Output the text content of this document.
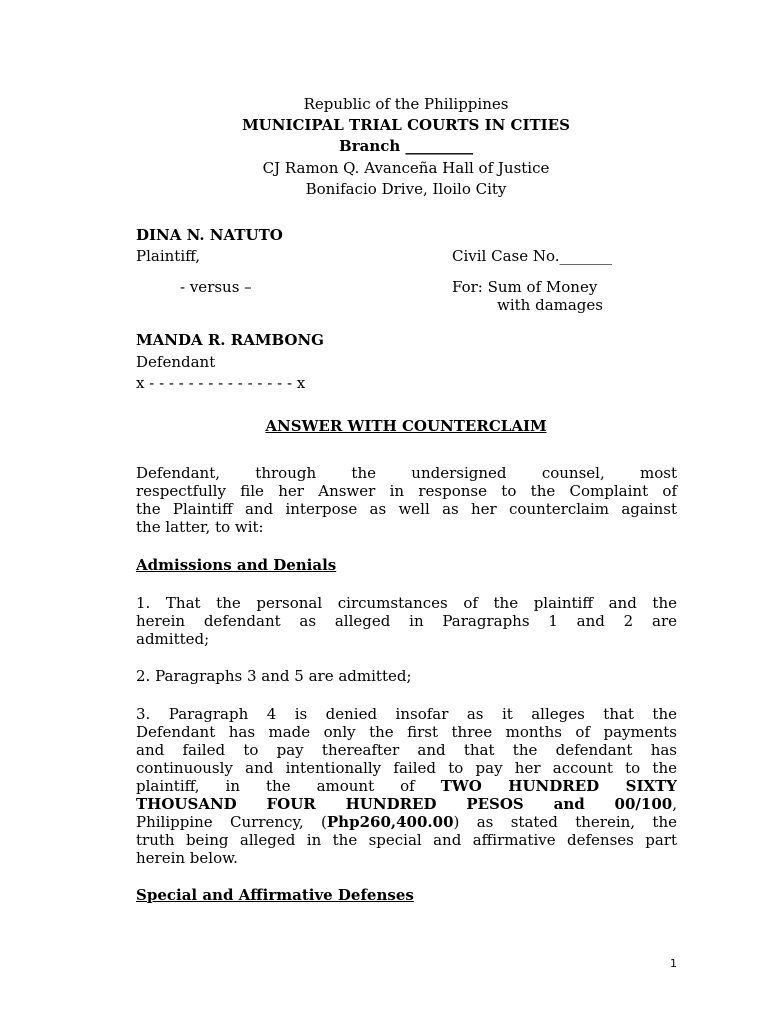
Republic of the Philippines
MUNICIPAL TRIAL COURTS IN CITIES
Branch _________
CJ Ramon Q. Avanceña Hall of Justice
Bonifacio Drive, Iloilo City
DINA N. NATUTO
Plaintiff,	Civil Case No._______
- versus –	For: Sum of Money
with damages
MANDA R. RAMBONG
Defendant
x - - - - - - - - - - - - - - - x
ANSWER WITH COUNTERCLAIM
Defendant, through the undersigned counsel, most
respectfully file her Answer in response to the Complaint of
the Plaintiff and interpose as well as her counterclaim against
the latter, to wit:
Admissions and Denials
1. That the personal circumstances of the plaintiff and the
herein defendant as alleged in Paragraphs 1 and 2 are
admitted;
2. Paragraphs 3 and 5 are admitted;
3. Paragraph 4 is denied insofar as it alleges that the
Defendant has made only the first three months of payments
and failed to pay thereafter and that the defendant has
continuously and intentionally failed to pay her account to the
plaintiff, in the amount of TWO HUNDRED SIXTY
THOUSAND FOUR HUNDRED PESOS and 00/100,
Philippine Currency, (Php260,400.00) as stated therein, the
truth being alleged in the special and affirmative defenses part
herein below.
Special and Affirmative Defenses
1
